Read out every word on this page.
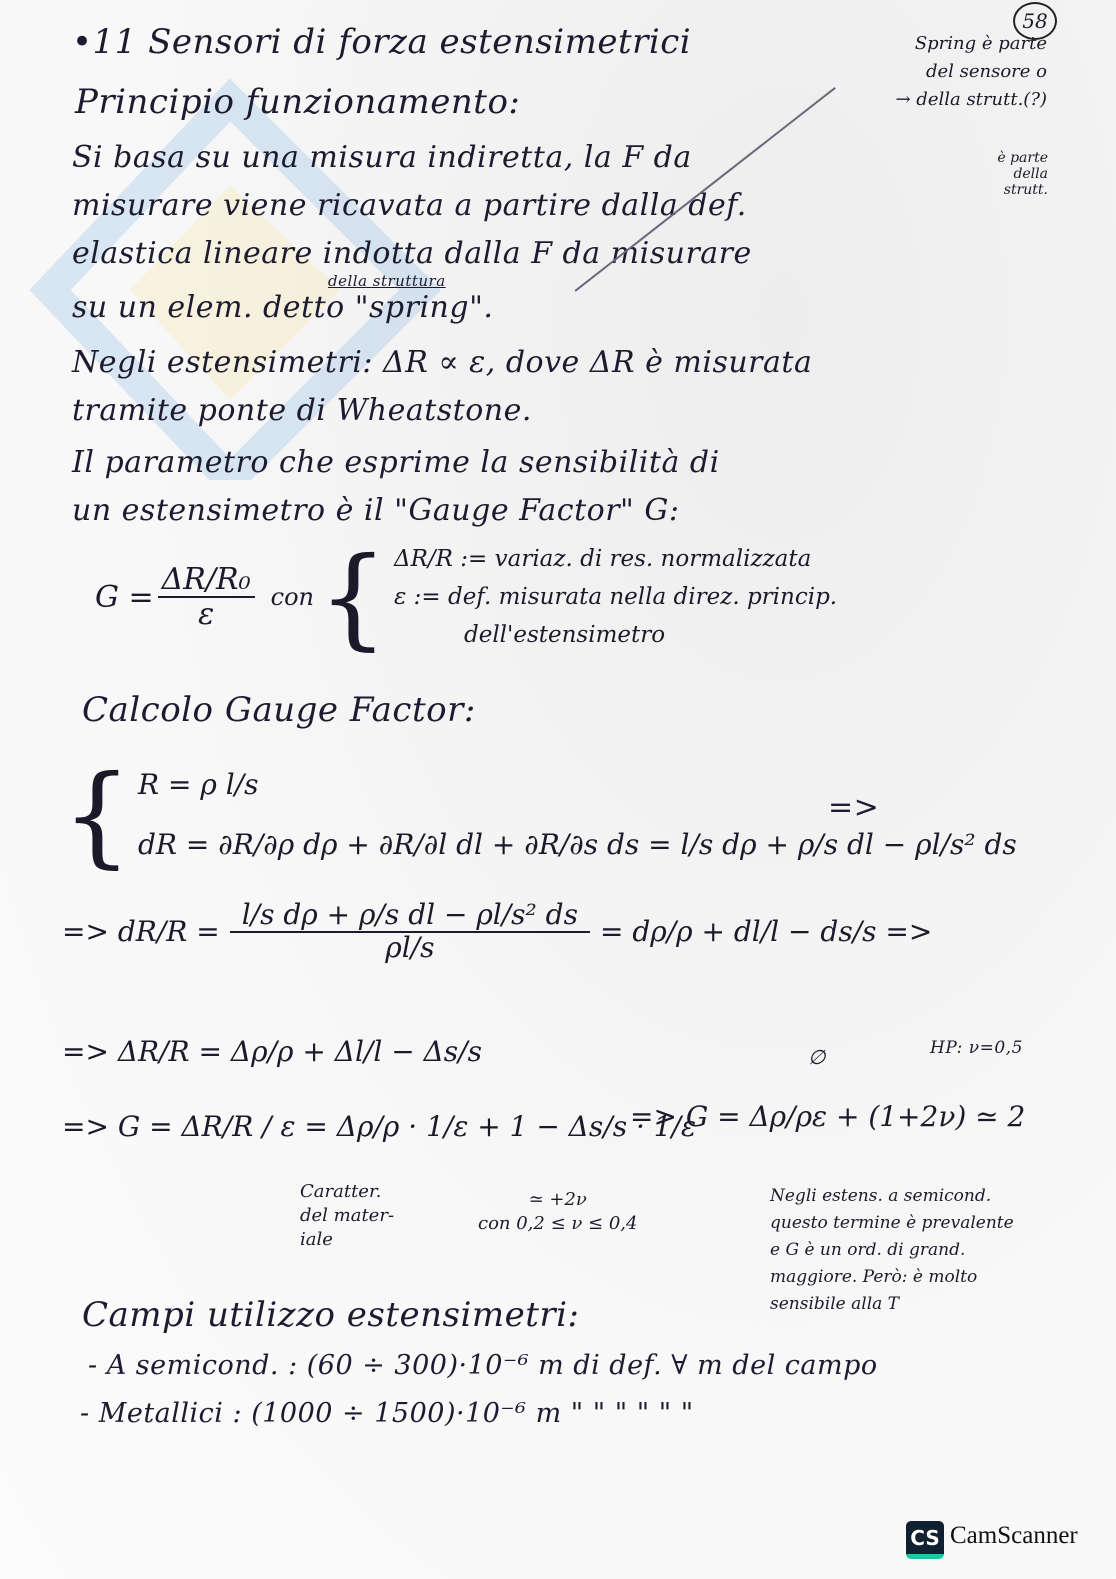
58
•11 Sensori di forza estensimetrici	Spring è parte
del sensore o
→ della strutt.(?)
è parte
della
strutt.
Principio funzionamento:
Si basa su una misura indiretta, la F da
misurare viene ricavata a partire dalla def.
elastica lineare indotta dalla F da misurare
della struttura
su un elem. detto "spring".
Negli estensimetri: ΔR ∝ ε, dove ΔR è misurata
tramite ponte di Wheatstone.
Il parametro che esprime la sensibilità di
un estensimetro è il "Gauge Factor" G:
$G = \frac{\text{ΔR/R₀}}{\varepsilon}$ con { ΔR/R := variaz. di res. normalizzata
ε := def. misurata nella direz. princip.
dell'estensimetro
Calcolo Gauge Factor:
{ R = ρ l/s
dR = ∂R/∂ρ dρ + ∂R/∂l dl + ∂R/∂s ds = l/s dρ + ρ/s dl − ρl/s² ds
=>
=> $dR/R = \frac{\text{l/s dρ + ρ/s dl − ρl/s² ds}}{\rho l/s} = d\rho/\rho + dl/l - ds/s$ =>
=> ΔR/R = Δρ/ρ + Δl/l − Δs/s
=> G = ΔR/R / ε = Δρ/ρ · 1/ε + 1 − Δs/s · 1/ε
=> G = Δρ/ρε + (1+2ν) ≃ 2
∅	HP: ν=0,5
Caratter.
del mater-
iale
≃ +2ν
con 0,2 ≤ ν ≤ 0,4
Negli estens. a semicond.
questo termine è prevalente
e G è un ord. di grand.
maggiore. Però: è molto
sensibile alla T
Campi utilizzo estensimetri:
- A semicond. : (60 ÷ 300)·10⁻⁶ m di def. ∀ m del campo
- Metallici : (1000 ÷ 1500)·10⁻⁶ m " " " " " "
CS CamScanner
